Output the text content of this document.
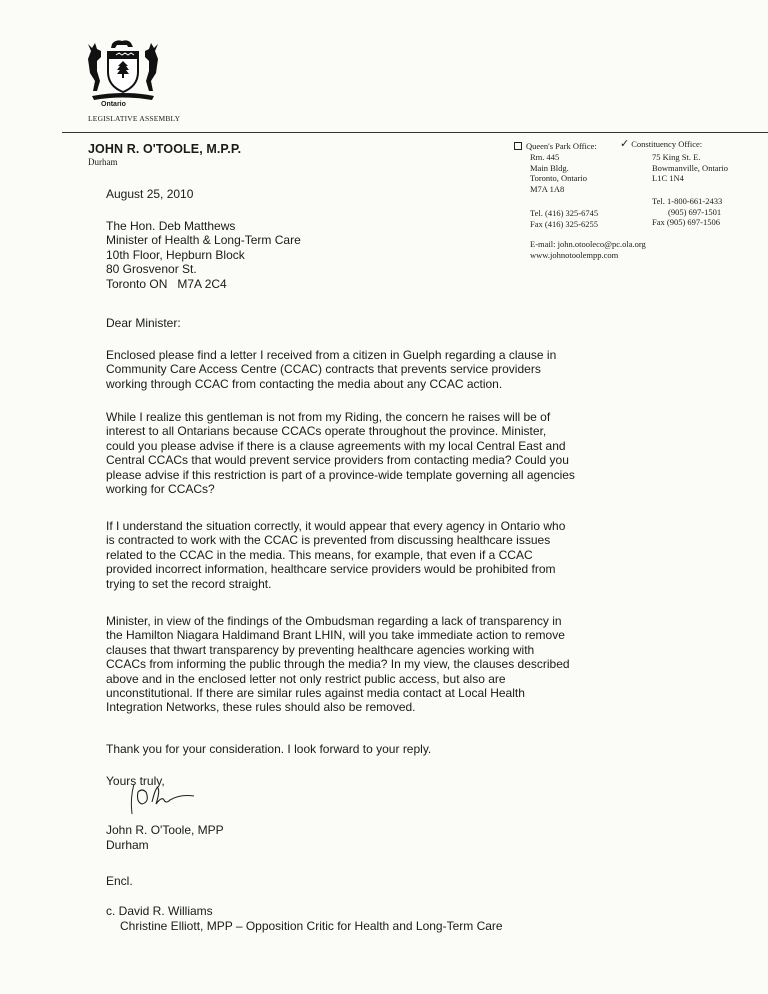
Ontario
LEGISLATIVE ASSEMBLY
JOHN R. O'TOOLE, M.P.P.
Durham
Queen's Park Office:
Rm. 445
Main Bldg.
Toronto, Ontario
M7A 1A8
Tel. (416) 325-6745
Fax (416) 325-6255
E-mail: john.otooleco@pc.ola.org
www.johnotoolempp.com
✓ Constituency Office:
75 King St. E.
Bowmanville, Ontario
L1C 1N4
Tel. 1-800-661-2433
(905) 697-1501
Fax (905) 697-1506
August 25, 2010
The Hon. Deb Matthews
Minister of Health & Long-Term Care
10th Floor, Hepburn Block
80 Grosvenor St.
Toronto ON   M7A 2C4
Dear Minister:
Enclosed please find a letter I received from a citizen in Guelph regarding a clause in
Community Care Access Centre (CCAC) contracts that prevents service providers
working through CCAC from contacting the media about any CCAC action.
While I realize this gentleman is not from my Riding, the concern he raises will be of
interest to all Ontarians because CCACs operate throughout the province. Minister,
could you please advise if there is a clause agreements with my local Central East and
Central CCACs that would prevent service providers from contacting media? Could you
please advise if this restriction is part of a province-wide template governing all agencies
working for CCACs?
If I understand the situation correctly, it would appear that every agency in Ontario who
is contracted to work with the CCAC is prevented from discussing healthcare issues
related to the CCAC in the media. This means, for example, that even if a CCAC
provided incorrect information, healthcare service providers would be prohibited from
trying to set the record straight.
Minister, in view of the findings of the Ombudsman regarding a lack of transparency in
the Hamilton Niagara Haldimand Brant LHIN, will you take immediate action to remove
clauses that thwart transparency by preventing healthcare agencies working with
CCACs from informing the public through the media? In my view, the clauses described
above and in the enclosed letter not only restrict public access, but also are
unconstitutional. If there are similar rules against media contact at Local Health
Integration Networks, these rules should also be removed.
Thank you for your consideration. I look forward to your reply.
Yours truly,
John R. O'Toole, MPP
Durham
Encl.
c. David R. Williams
Christine Elliott, MPP – Opposition Critic for Health and Long-Term Care
